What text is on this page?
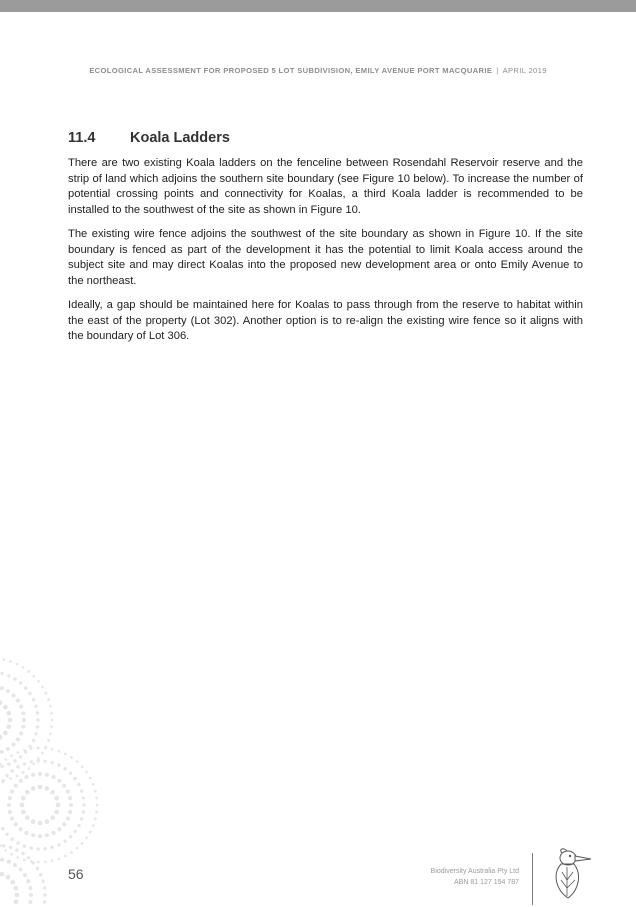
ECOLOGICAL ASSESSMENT FOR PROPOSED 5 LOT SUBDIVISION, EMILY AVENUE PORT MACQUARIE | APRIL 2019
11.4 Koala Ladders

There are two existing Koala ladders on the fenceline between Rosendahl Reservoir reserve and the strip of land which adjoins the southern site boundary (see Figure 10 below). To increase the number of potential crossing points and connectivity for Koalas, a third Koala ladder is recommended to be installed to the southwest of the site as shown in Figure 10.

The existing wire fence adjoins the southwest of the site boundary as shown in Figure 10. If the site boundary is fenced as part of the development it has the potential to limit Koala access around the subject site and may direct Koalas into the proposed new development area or onto Emily Avenue to the northeast.

Ideally, a gap should be maintained here for Koalas to pass through from the reserve to habitat within the east of the property (Lot 302). Another option is to re-align the existing wire fence so it aligns with the boundary of Lot 306.

56	Biodiversity Australia Pty Ltd
ABN 81 127 154 787
